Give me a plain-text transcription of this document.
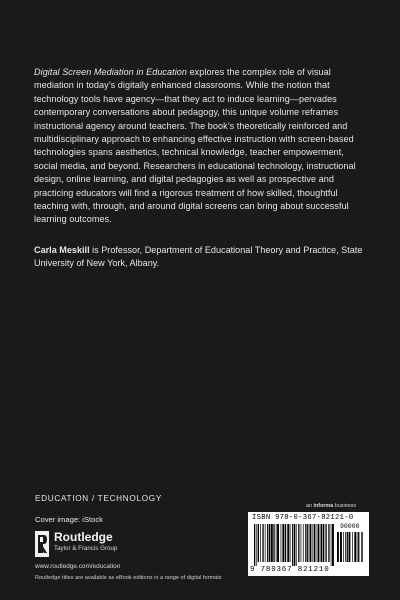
Digital Screen Mediation in Education explores the complex role of visual mediation in today’s digitally enhanced classrooms. While the notion that technology tools have agency—that they act to induce learning—pervades contemporary conversations about pedagogy, this unique volume reframes instructional agency around teachers. The book’s theoretically reinforced and multidisciplinary approach to enhancing effective instruction with screen-based technologies spans aesthetics, technical knowledge, teacher empowerment, social media, and beyond. Researchers in educational technology, instructional design, online learning, and digital pedagogies as well as prospective and practicing educators will find a rigorous treatment of how skilled, thoughtful teaching with, through, and around digital screens can bring about successful learning outcomes.

Carla Meskill is Professor, Department of Educational Theory and Practice, State University of New York, Albany.

EDUCATION / TECHNOLOGY
Cover image: iStock
Routledge
Taylor & Francis Group
www.routledge.com/education
Routledge titles are available as eBook editions in a range of digital formats
an informa business
ISBN 978-0-367-82121-0
90000
9 780367 821210
